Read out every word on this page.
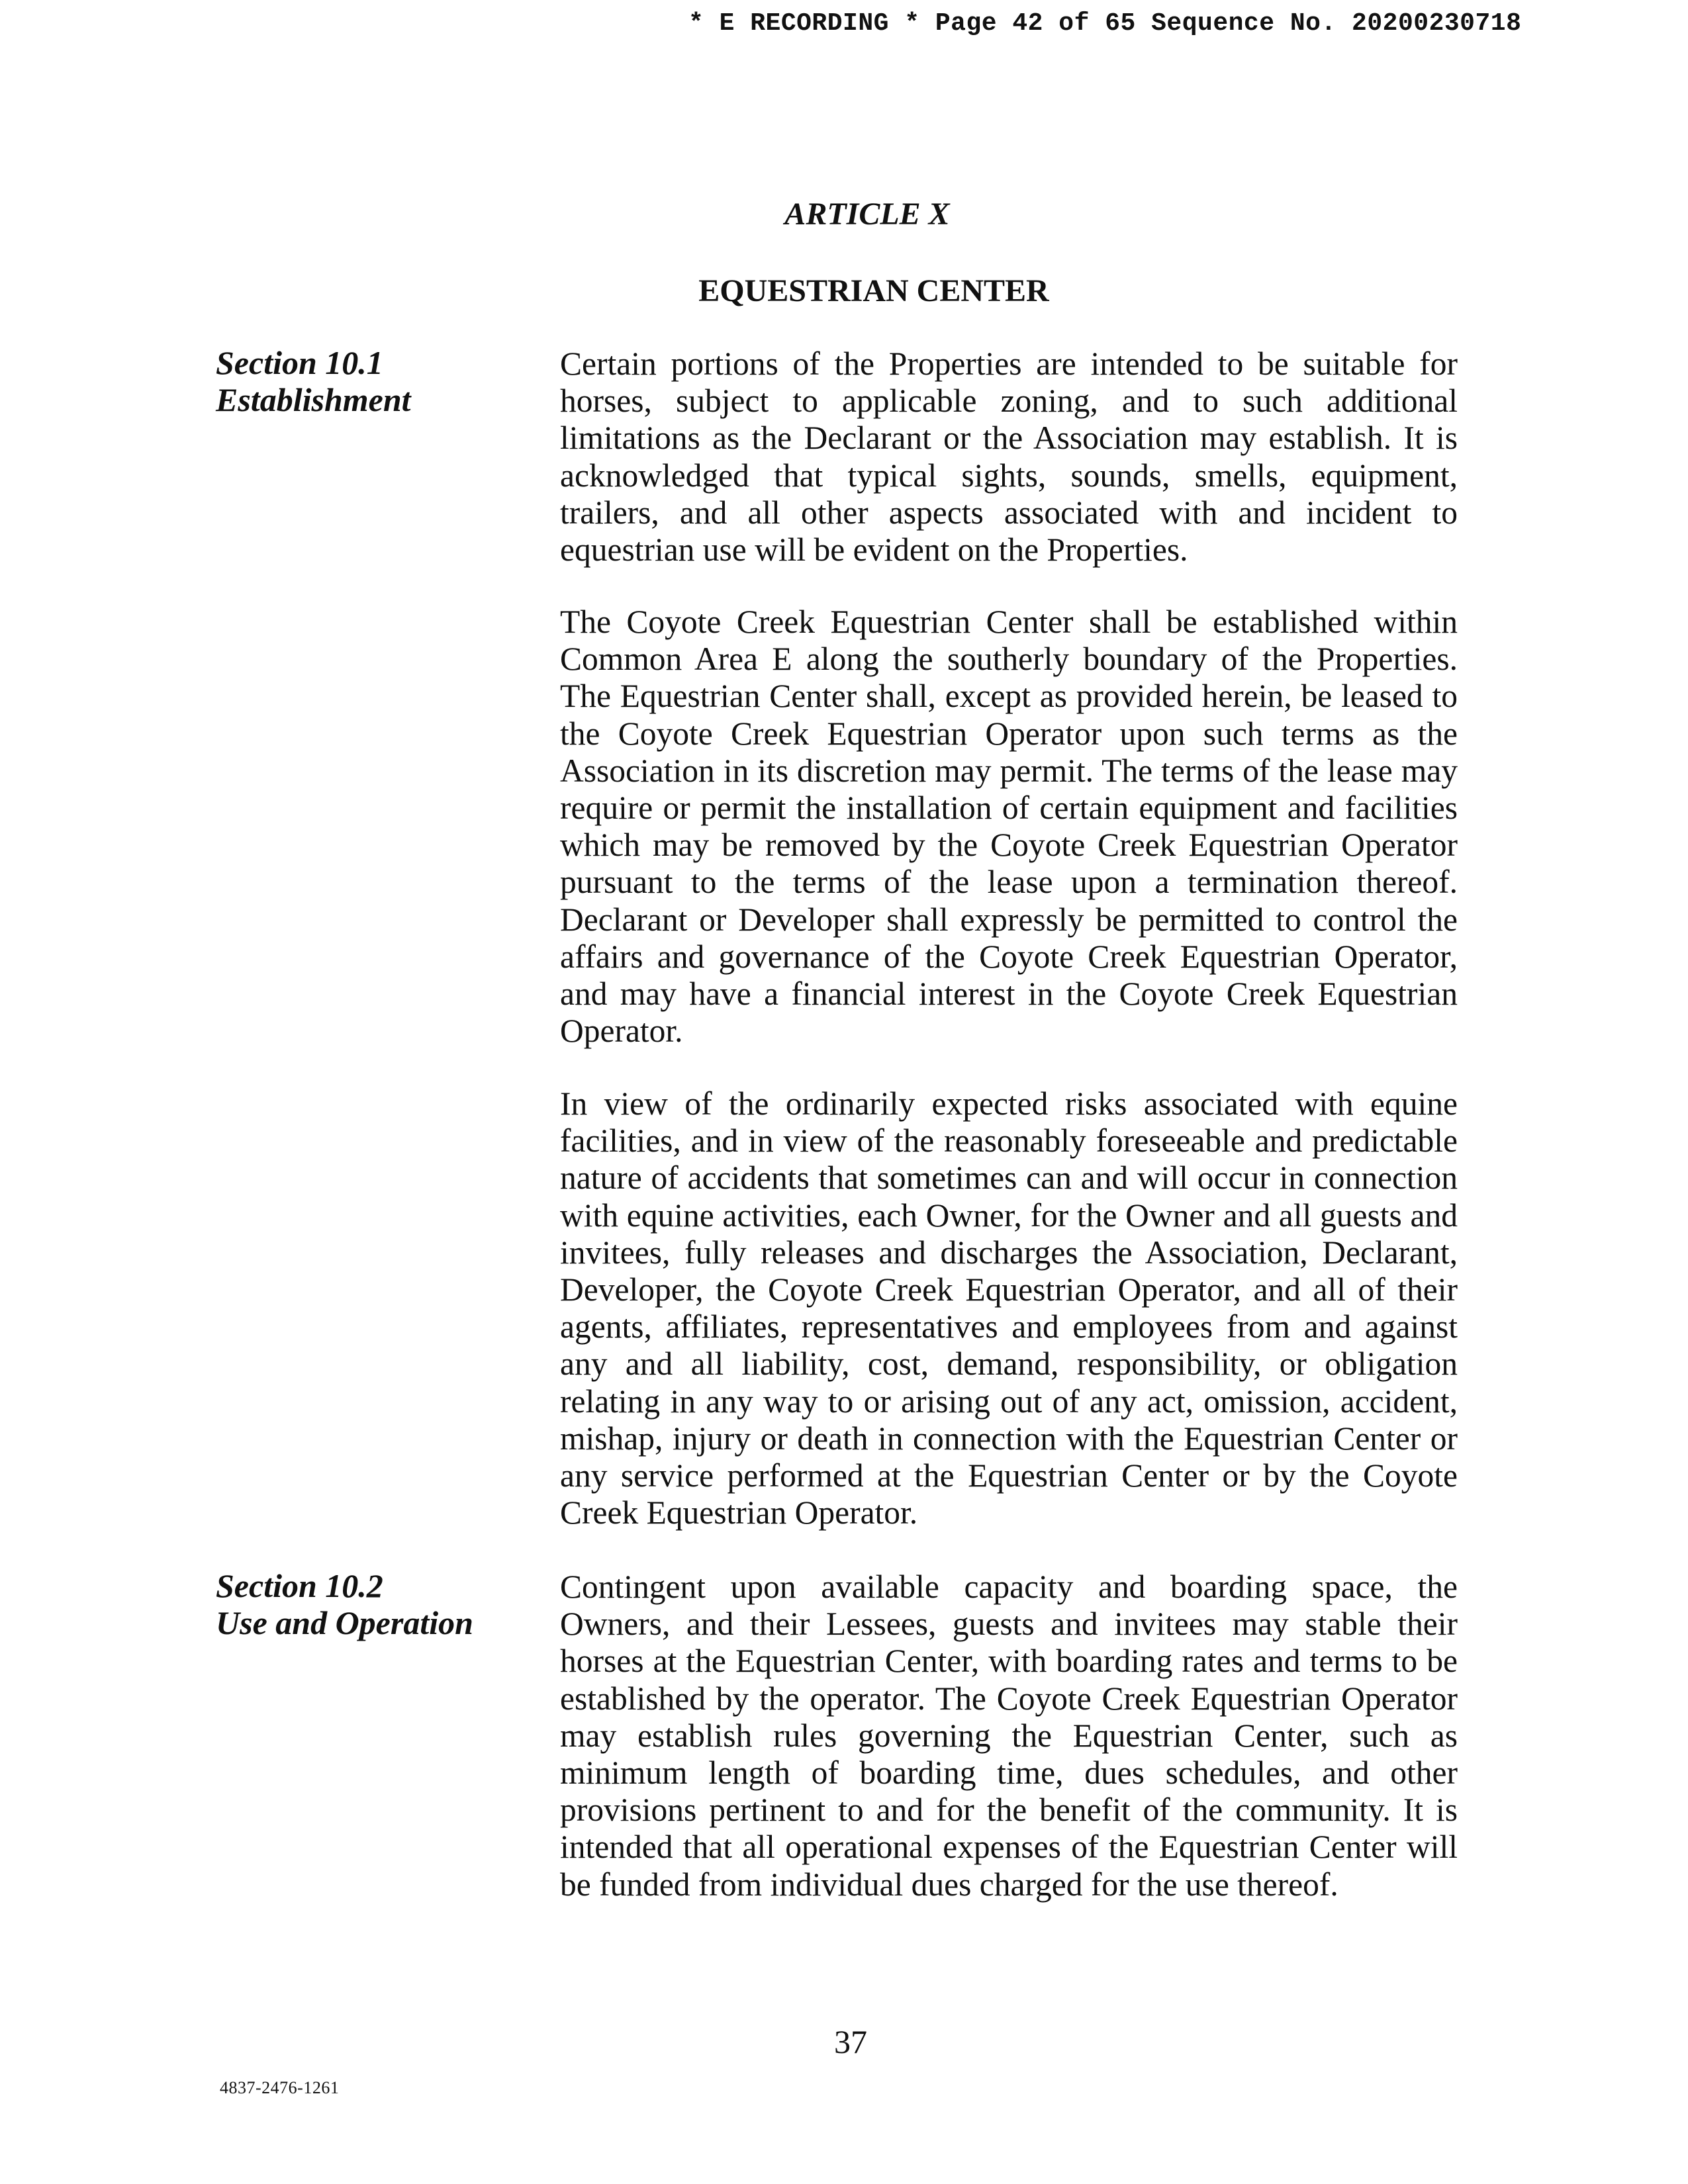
* E RECORDING * Page 42 of 65 Sequence No. 20200230718
ARTICLE X
EQUESTRIAN CENTER
Section 10.1
Establishment

Certain portions of the Properties are intended to be suitable for horses, subject to applicable zoning, and to such additional limitations as the Declarant or the Association may establish. It is acknowledged that typical sights, sounds, smells, equipment, trailers, and all other aspects associated with and incident to equestrian use will be evident on the Properties.

The Coyote Creek Equestrian Center shall be established within Common Area E along the southerly boundary of the Properties. The Equestrian Center shall, except as provided herein, be leased to the Coyote Creek Equestrian Operator upon such terms as the Association in its discretion may permit. The terms of the lease may require or permit the installation of certain equipment and facilities which may be removed by the Coyote Creek Equestrian Operator pursuant to the terms of the lease upon a termination thereof. Declarant or Developer shall expressly be permitted to control the affairs and governance of the Coyote Creek Equestrian Operator, and may have a financial interest in the Coyote Creek Equestrian Operator.

In view of the ordinarily expected risks associated with equine facilities, and in view of the reasonably foreseeable and predictable nature of accidents that sometimes can and will occur in connection with equine activities, each Owner, for the Owner and all guests and invitees, fully releases and discharges the Association, Declarant, Developer, the Coyote Creek Equestrian Operator, and all of their agents, affiliates, representatives and employees from and against any and all liability, cost, demand, responsibility, or obligation relating in any way to or arising out of any act, omission, accident, mishap, injury or death in connection with the Equestrian Center or any service performed at the Equestrian Center or by the Coyote Creek Equestrian Operator.

Section 10.2
Use and Operation

Contingent upon available capacity and boarding space, the Owners, and their Lessees, guests and invitees may stable their horses at the Equestrian Center, with boarding rates and terms to be established by the operator. The Coyote Creek Equestrian Operator may establish rules governing the Equestrian Center, such as minimum length of boarding time, dues schedules, and other provisions pertinent to and for the benefit of the community. It is intended that all operational expenses of the Equestrian Center will be funded from individual dues charged for the use thereof.

37
4837-2476-1261
